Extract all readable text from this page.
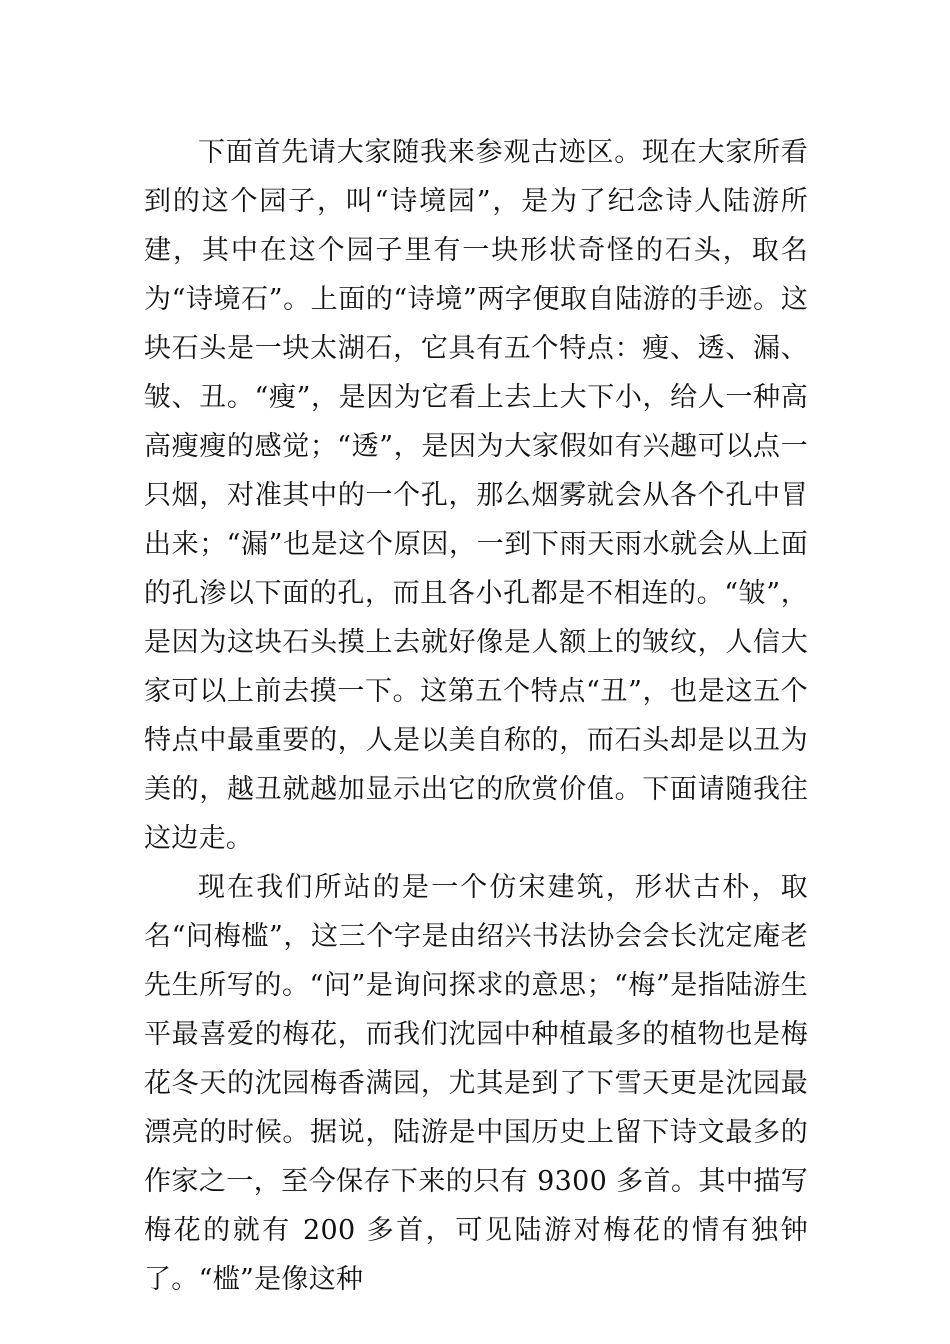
下面首先请大家随我来参观古迹区。现在大家所看到的这个园子，叫“诗境园”，是为了纪念诗人陆游所建，其中在这个园子里有一块形状奇怪的石头，取名为“诗境石”。上面的“诗境”两字便取自陆游的手迹。这块石头是一块太湖石，它具有五个特点：瘦、透、漏、皱、丑。“瘦”，是因为它看上去上大下小，给人一种高高瘦瘦的感觉；“透”，是因为大家假如有兴趣可以点一只烟，对准其中的一个孔，那么烟雾就会从各个孔中冒出来；“漏”也是这个原因，一到下雨天雨水就会从上面的孔渗以下面的孔，而且各小孔都是不相连的。“皱”，是因为这块石头摸上去就好像是人额上的皱纹，人信大家可以上前去摸一下。这第五个特点“丑”，也是这五个特点中最重要的，人是以美自称的，而石头却是以丑为美的，越丑就越加显示出它的欣赏价值。下面请随我往这边走。

现在我们所站的是一个仿宋建筑，形状古朴，取名“问梅槛”，这三个字是由绍兴书法协会会长沈定庵老先生所写的。“问”是询问探求的意思；“梅”是指陆游生平最喜爱的梅花，而我们沈园中种植最多的植物也是梅花冬天的沈园梅香满园，尤其是到了下雪天更是沈园最漂亮的时候。据说，陆游是中国历史上留下诗文最多的作家之一，至今保存下来的只有 9300 多首。其中描写梅花的就有 200 多首，可见陆游对梅花的情有独钟了。“槛”是像这种
